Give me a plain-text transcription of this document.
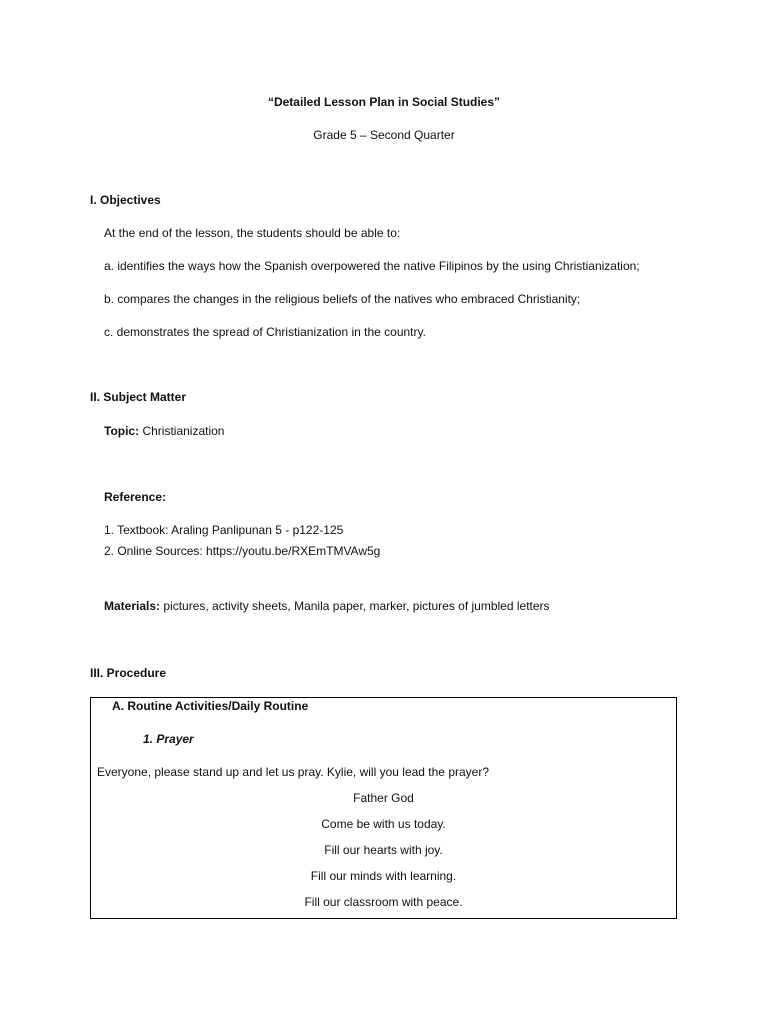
“Detailed Lesson Plan in Social Studies”
Grade 5 – Second Quarter
I. Objectives
At the end of the lesson, the students should be able to:
a. identifies the ways how the Spanish overpowered the native Filipinos by the using Christianization;
b. compares the changes in the religious beliefs of the natives who embraced Christianity;
c. demonstrates the spread of Christianization in the country.
II. Subject Matter
Topic: Christianization
Reference:
1. Textbook: Araling Panlipunan 5 - p122-125
2. Online Sources: https://youtu.be/RXEmTMVAw5g
Materials: pictures, activity sheets, Manila paper, marker, pictures of jumbled letters
III. Procedure
A. Routine Activities/Daily Routine
1. Prayer
Everyone, please stand up and let us pray. Kylie, will you lead the prayer?
Father God
Come be with us today.
Fill our hearts with joy.
Fill our minds with learning.
Fill our classroom with peace.
